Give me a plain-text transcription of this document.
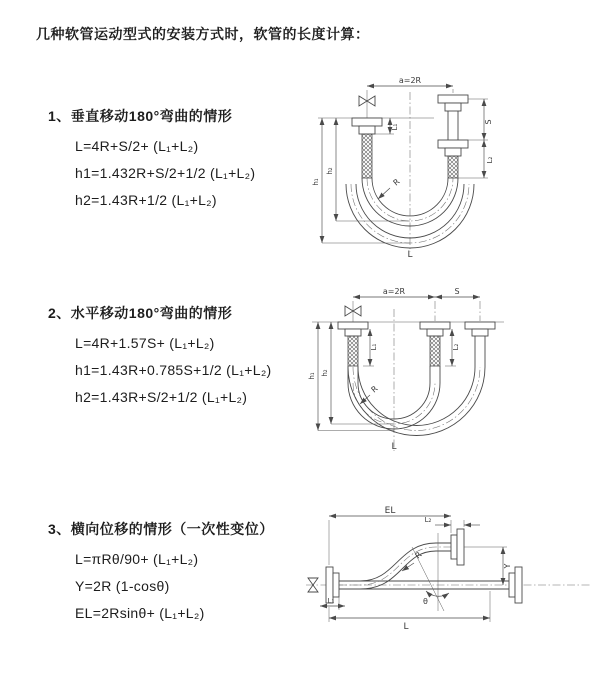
几种软管运动型式的安装方式时，软管的长度计算：
1、垂直移动180°弯曲的情形
L=4R+S/2+ (L₁+L₂)
h1=1.432R+S/2+1/2 (L₁+L₂)
h2=1.43R+1/2 (L₁+L₂)
a=2R
S
L₂
L₁
h₁
h₂
R
L
2、水平移动180°弯曲的情形
L=4R+1.57S+ (L₁+L₂)
h1=1.43R+0.785S+1/2 (L₁+L₂)
h2=1.43R+S/2+1/2 (L₁+L₂)
a=2R	S
L₁	L₂
h₁ h₂
R
L
3、横向位移的情形（一次性变位）
L=πRθ/90+ (L₁+L₂)
Y=2R (1-cosθ)
EL=2Rsinθ+ (L₁+L₂)
EL
L₂
Y
L
L₁
R
θ
